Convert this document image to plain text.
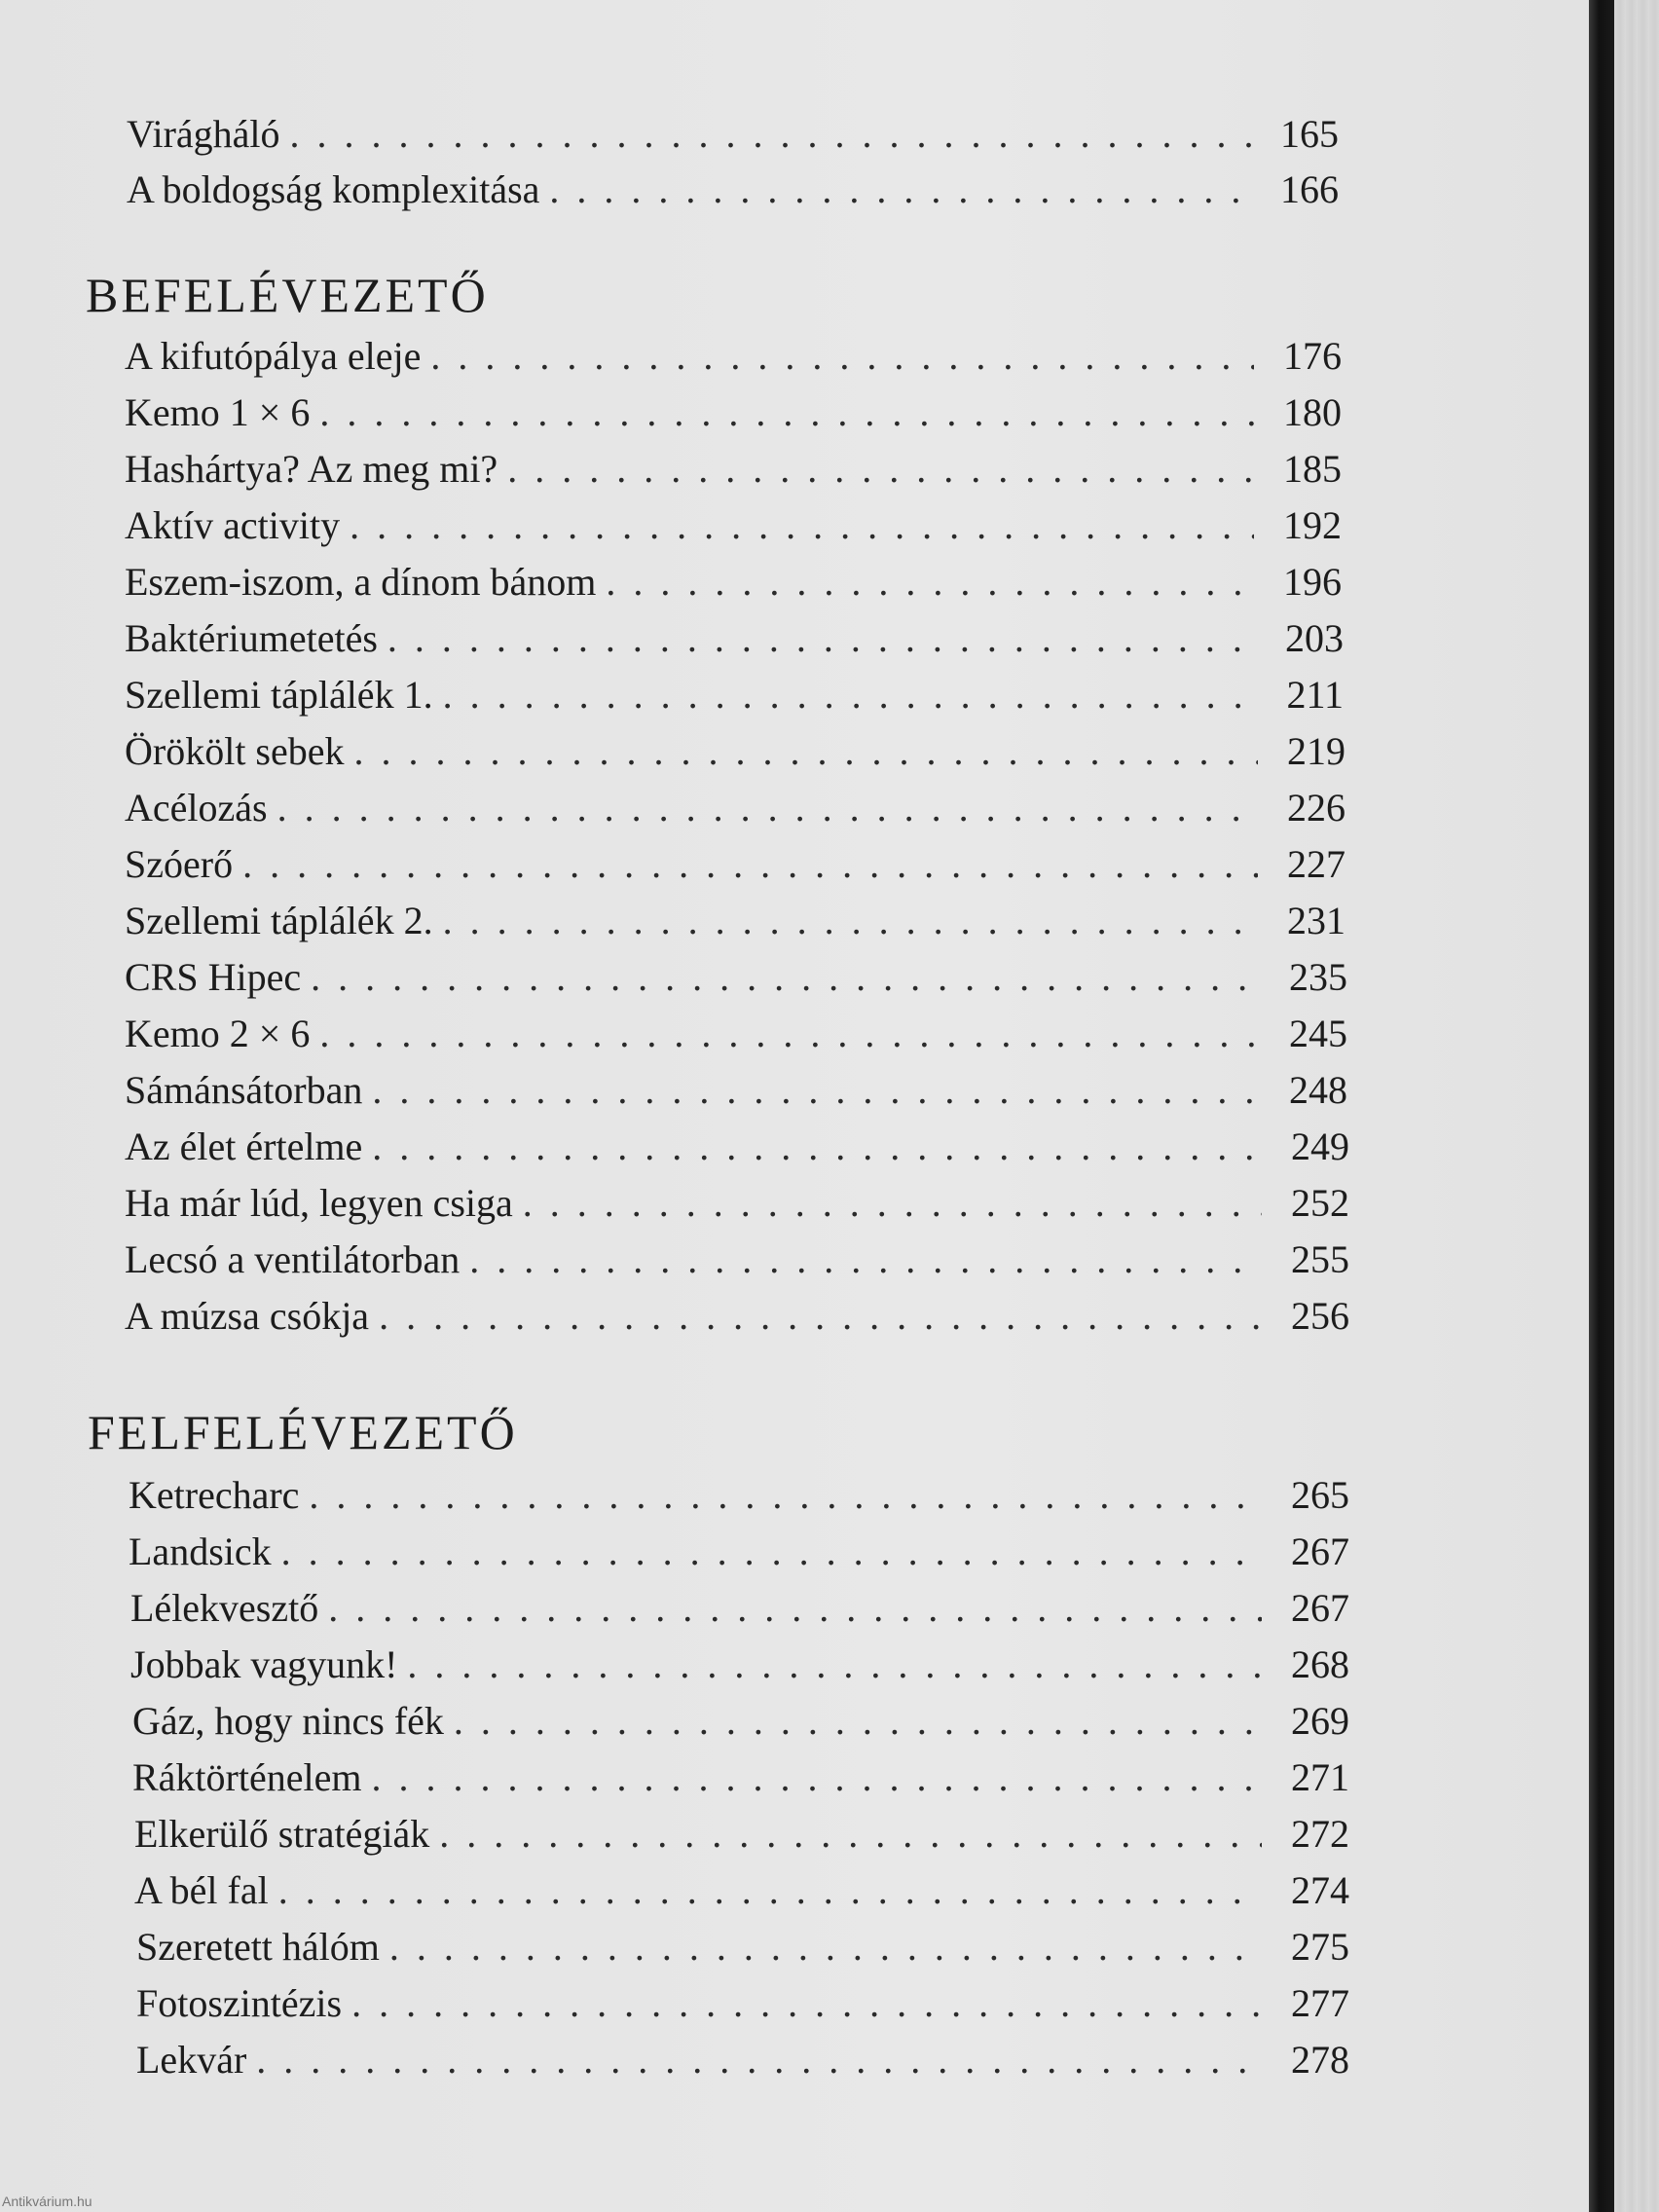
Virágháló . . .	165
A boldogság komplexitása . . .	166
BEFELÉVEZETŐ
A kifutópálya eleje . . .	176
Kemo 1 × 6 . . .	180
Hashártya? Az meg mi? . . .	185
Aktív activity . . .	192
Eszem-iszom, a dínom bánom . . .	196
Baktériumetetés . . .	203
Szellemi táplálék 1. . . .	211
Örökölt sebek . . .	219
Acélozás . . .	226
Szóerő . . .	227
Szellemi táplálék 2. . . .	231
CRS Hipec . . .	235
Kemo 2 × 6 . . .	245
Sámánsátorban . . .	248
Az élet értelme . . .	249
Ha már lúd, legyen csiga . . .	252
Lecsó a ventilátorban . . .	255
A múzsa csókja . . .	256
FELFELÉVEZETŐ
Ketrecharc . . .	265
Landsick . . .	267
Lélekvesztő . . .	267
Jobbak vagyunk! . . .	268
Gáz, hogy nincs fék . . .	269
Ráktörténelem . . .	271
Elkerülő stratégiák . . .	272
A bél fal . . .	274
Szeretett hálóm . . .	275
Fotoszintézis . . .	277
Lekvár . . .	278
Antikvárium.hu
